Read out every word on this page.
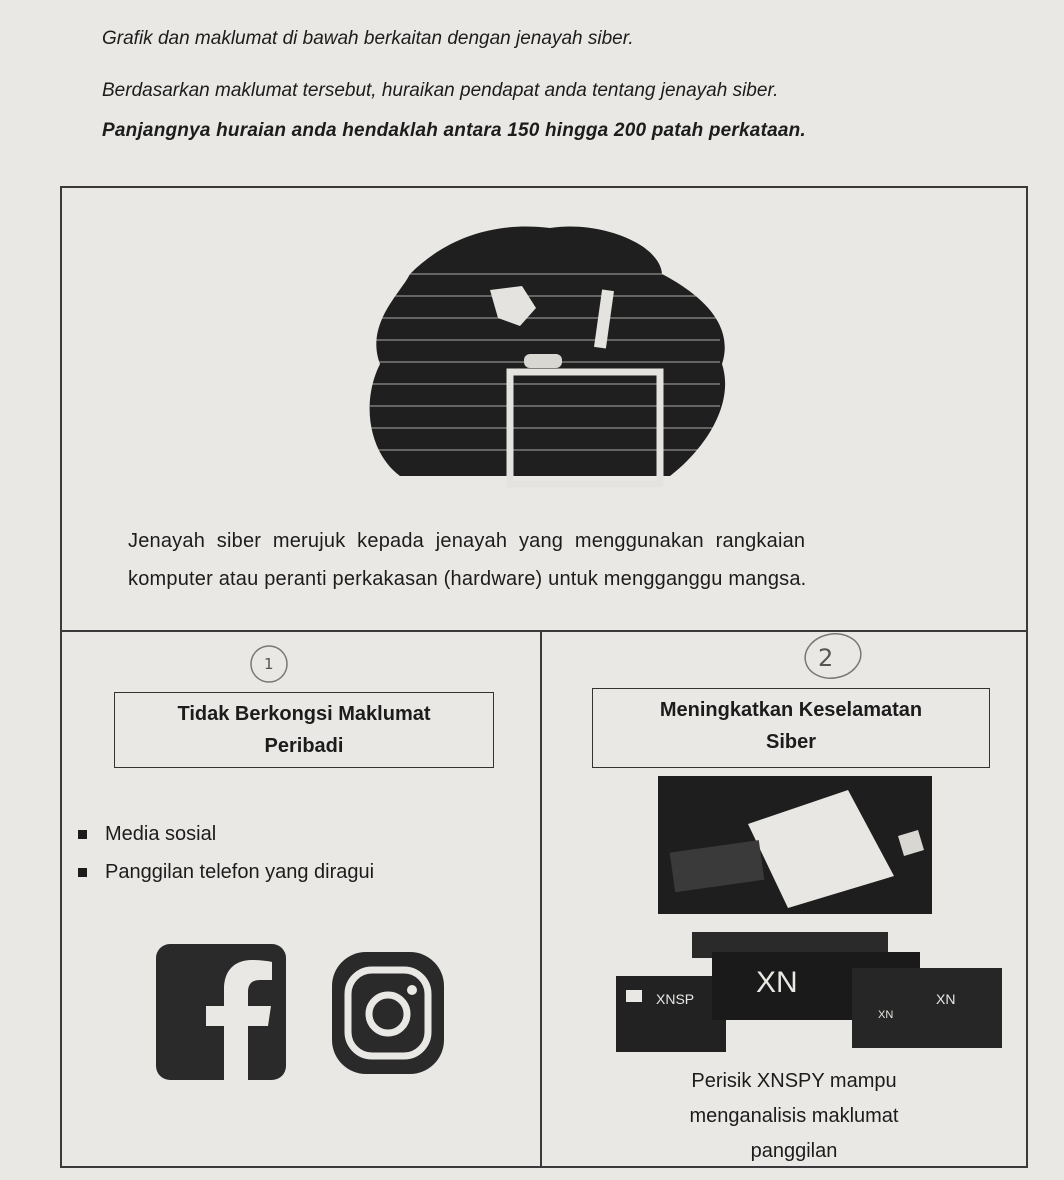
Grafik dan maklumat di bawah berkaitan dengan jenayah siber.
Berdasarkan maklumat tersebut, huraikan pendapat anda tentang jenayah siber.
Panjangnya huraian anda hendaklah antara 150 hingga 200 patah perkataan.
Jenayah siber merujuk kepada jenayah yang menggunakan rangkaian
komputer atau peranti perkakasan (hardware) untuk mengganggu mangsa.
1	2
Tidak Berkongsi Maklumat
Peribadi
Media sosial
Panggilan telefon yang diragui
Meningkatkan Keselamatan
Siber
XN
XNSP
XN
XN
Perisik XNSPY mampu
menganalisis maklumat
panggilan
